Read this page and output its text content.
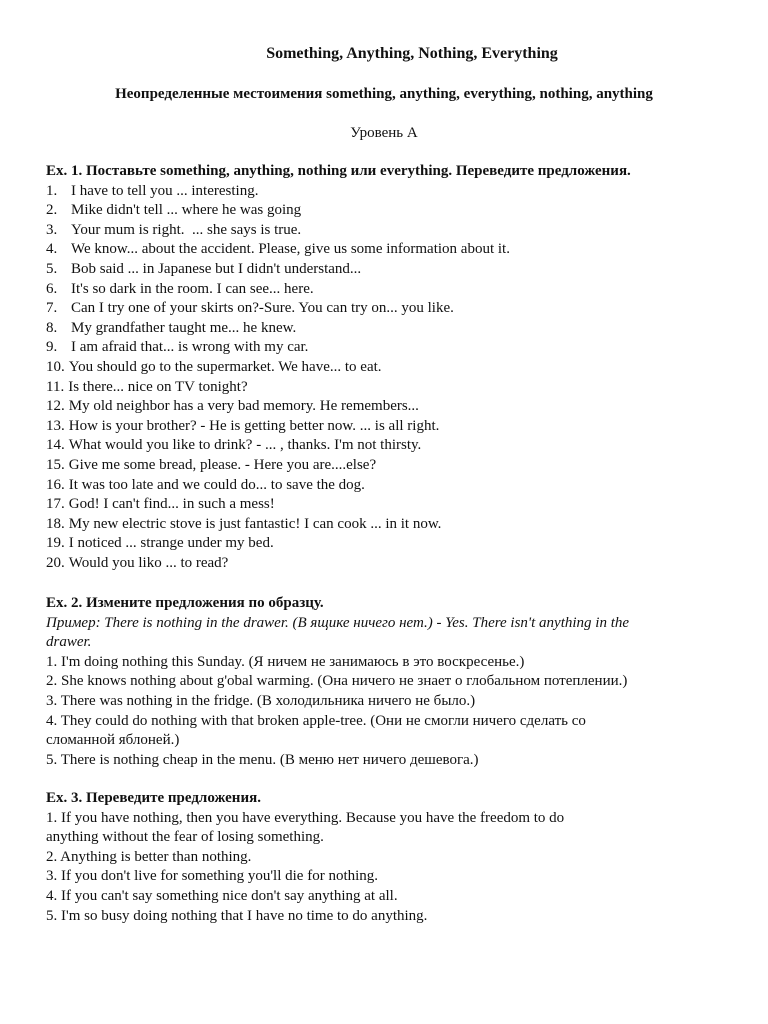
Something, Anything, Nothing, Everything
Неопределенные местоимения something, anything, everything, nothing, anything
Уровень А
Ex. 1. Поставьте something, anything, nothing или everything. Переведите предложения.
1. I have to tell you ... interesting.
2. Mike didn't tell ... where he was going
3. Your mum is right.  ... she says is true.
4. We know... about the accident. Please, give us some information about it.
5. Bob said ... in Japanese but I didn't understand...
6. It's so dark in the room. I can see... here.
7. Can I try one of your skirts on?-Sure. You can try on... you like.
8. My grandfather taught me... he knew.
9. I am afraid that... is wrong with my car.
10. You should go to the supermarket. We have... to eat.
11. Is there... nice on TV tonight?
12. My old neighbor has a very bad memory. He remembers...
13. How is your brother? - He is getting better now. ... is all right.
14. What would you like to drink? - ... , thanks. I'm not thirsty.
15. Give me some bread, please. - Here you are....else?
16. It was too late and we could do... to save the dog.
17. God! I can't find... in such a mess!
18. My new electric stove is just fantastic! I can cook ... in it now.
19. I noticed ... strange under my bed.
20. Would you liko ... to read?
Ex. 2. Измените предложения по образцу.
Пример: There is nothing in the drawer. (В ящике ничего нет.) - Yes. There isn't anything in the
drawer.
1. I'm doing nothing this Sunday. (Я ничем не занимаюсь в это воскресенье.)
2. She knows nothing about g'obal warming. (Она ничего не знает о глобальном потеплении.)
3. There was nothing in the fridge. (В холодильника ничего не было.)
4. They could do nothing with that broken apple-tree. (Они не смогли ничего сделать со
сломанной яблоней.)
5. There is nothing cheap in the menu. (В меню нет ничего дешевога.)
Ex. 3. Переведите предложения.
1. If you have nothing, then you have everything. Because you have the freedom to do
anything without the fear of losing something.
2. Anything is better than nothing.
3. If you don't live for something you'll die for nothing.
4. If you can't say something nice don't say anything at all.
5. I'm so busy doing nothing that I have no time to do anything.
